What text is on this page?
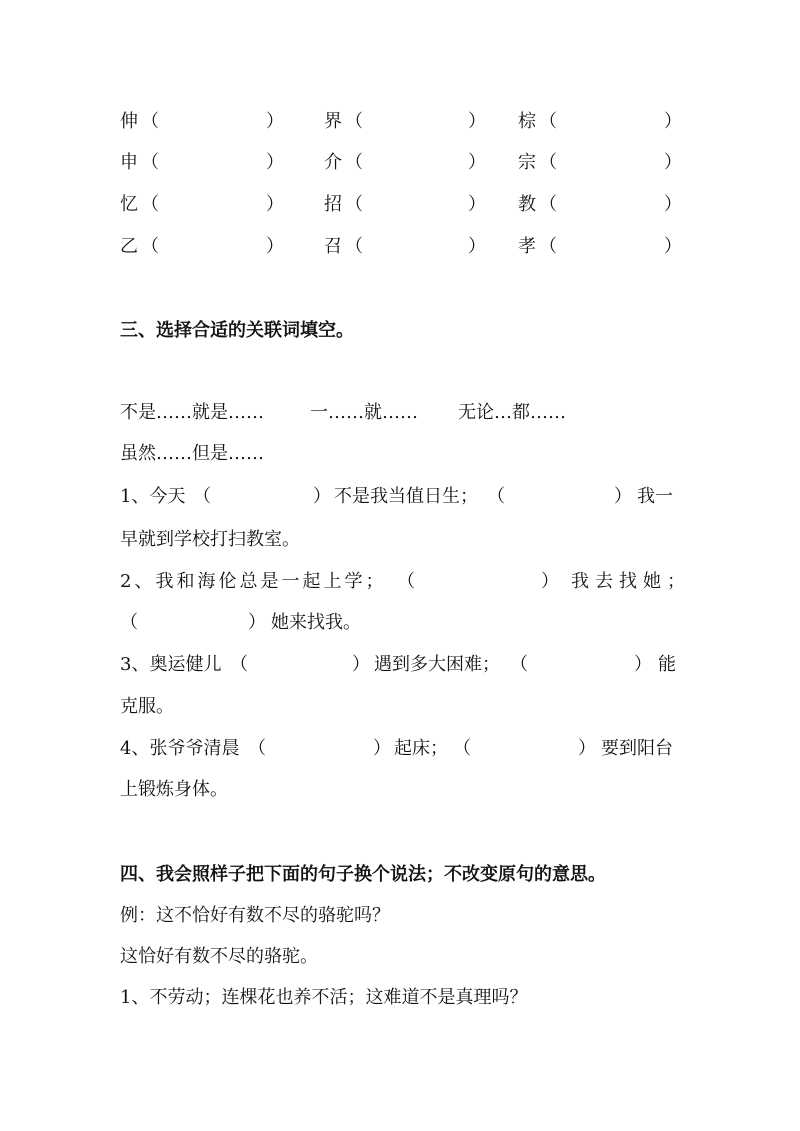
伸 （	） 界 （	） 棕 （	）
申 （	） 介 （	） 宗 （	）
忆 （	） 招 （	） 教 （	）
乙 （	） 召 （	） 孝 （	）
三、选择合适的关联词填空。
不是……就是……	一……就…… 无论…都……
虽然……但是……
1、今天 （	） 不是我当值日生； （	） 我一
早就到学校打扫教室。
2、我和海伦总是一起上学； （	） 我去找她；
（	） 她来找我。
3、奥运健儿 （	） 遇到多大困难； （	） 能
克服。
4、张爷爷清晨 （	） 起床； （	） 要到阳台
上锻炼身体。
四、我会照样子把下面的句子换个说法；不改变原句的意思。
例：这不恰好有数不尽的骆驼吗？
这恰好有数不尽的骆驼。
1、不劳动；连棵花也养不活；这难道不是真理吗？
